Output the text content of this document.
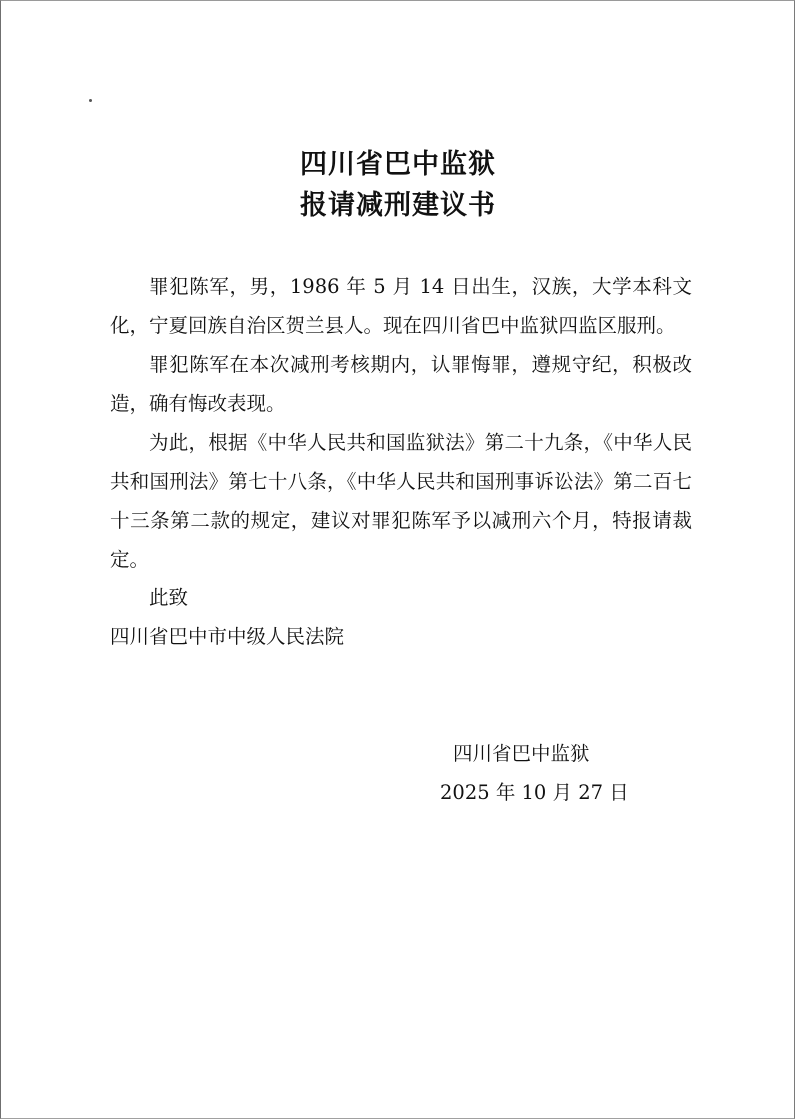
四川省巴中监狱
报请减刑建议书

罪犯陈军，男，1986 年 5 月 14 日出生，汉族，大学本科文化，宁夏回族自治区贺兰县人。现在四川省巴中监狱四监区服刑。

罪犯陈军在本次减刑考核期内，认罪悔罪，遵规守纪，积极改造，确有悔改表现。

为此，根据《中华人民共和国监狱法》第二十九条，《中华人民共和国刑法》第七十八条，《中华人民共和国刑事诉讼法》第二百七十三条第二款的规定，建议对罪犯陈军予以减刑六个月，特报请裁定。

此致

四川省巴中市中级人民法院
四川省巴中监狱
2025 年 10 月 27 日
